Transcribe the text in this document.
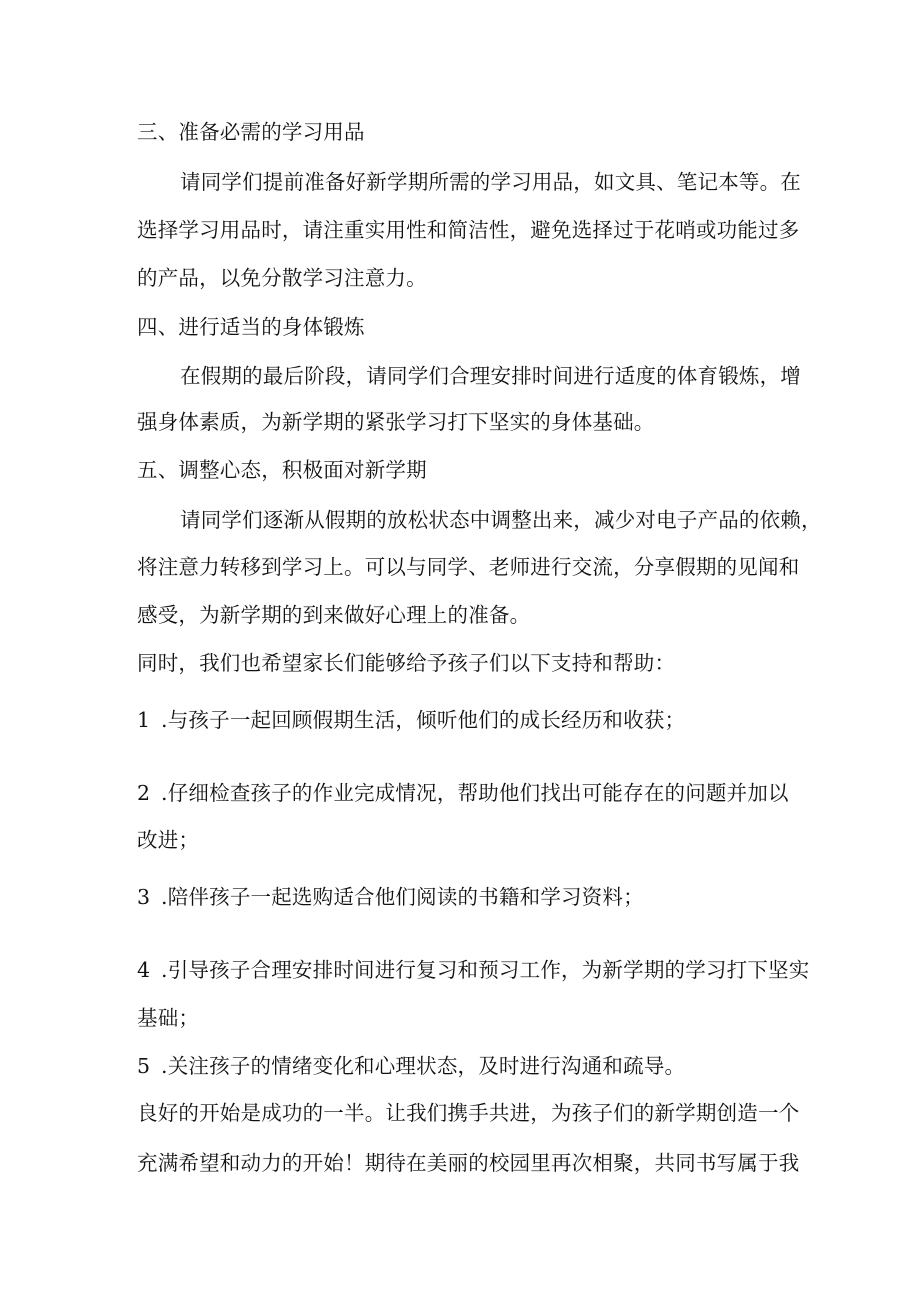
三、准备必需的学习用品
请同学们提前准备好新学期所需的学习用品，如文具、笔记本等。在
选择学习用品时，请注重实用性和简洁性，避免选择过于花哨或功能过多
的产品，以免分散学习注意力。
四、进行适当的身体锻炼
在假期的最后阶段，请同学们合理安排时间进行适度的体育锻炼，增
强身体素质，为新学期的紧张学习打下坚实的身体基础。
五、调整心态，积极面对新学期
请同学们逐渐从假期的放松状态中调整出来，减少对电子产品的依赖，
将注意力转移到学习上。可以与同学、老师进行交流，分享假期的见闻和
感受，为新学期的到来做好心理上的准备。
同时，我们也希望家长们能够给予孩子们以下支持和帮助：
1 .与孩子一起回顾假期生活，倾听他们的成长经历和收获；
2 .仔细检查孩子的作业完成情况，帮助他们找出可能存在的问题并加以
改进；
3 .陪伴孩子一起选购适合他们阅读的书籍和学习资料；
4 .引导孩子合理安排时间进行复习和预习工作，为新学期的学习打下坚实
基础；
5 .关注孩子的情绪变化和心理状态，及时进行沟通和疏导。
良好的开始是成功的一半。让我们携手共进，为孩子们的新学期创造一个
充满希望和动力的开始！期待在美丽的校园里再次相聚，共同书写属于我
